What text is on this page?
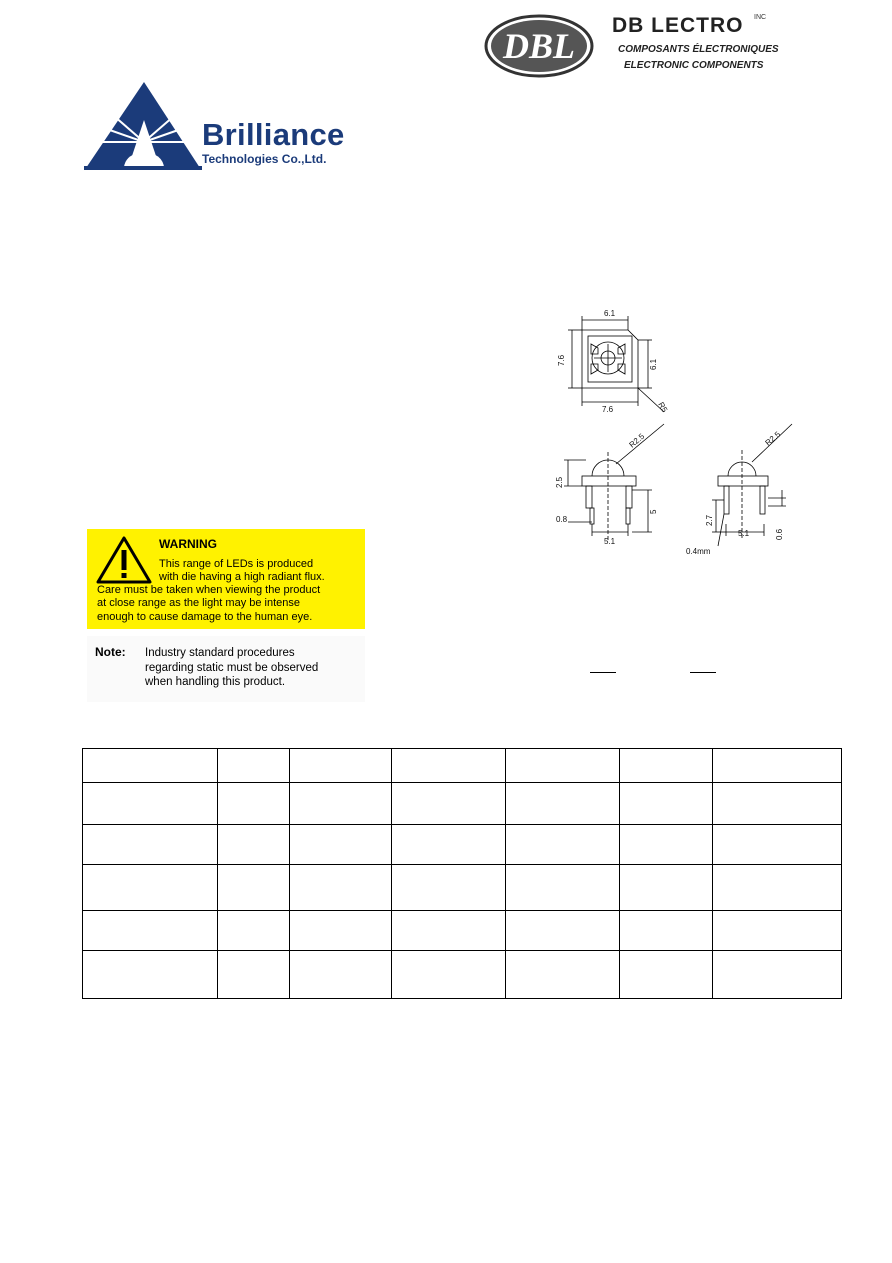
DBL
DB LECTRO INC
COMPOSANTS ÉLECTRONIQUES
ELECTRONIC COMPONENTS
Brilliance
Technologies Co.,Ltd.
6.1
7.6	6.1
7.6	R5
R2.5
2.5
0.8
5
5.1
R2.5
2.7
5.1	0.6
0.4mm
WARNING
This range of LEDs is produced
with die having a high radiant flux.
Care must be taken when viewing the product
at close range as the light may be intense
enough to cause damage to the human eye.
Note: Industry standard procedures
regarding static must be observed
when handling this product.
